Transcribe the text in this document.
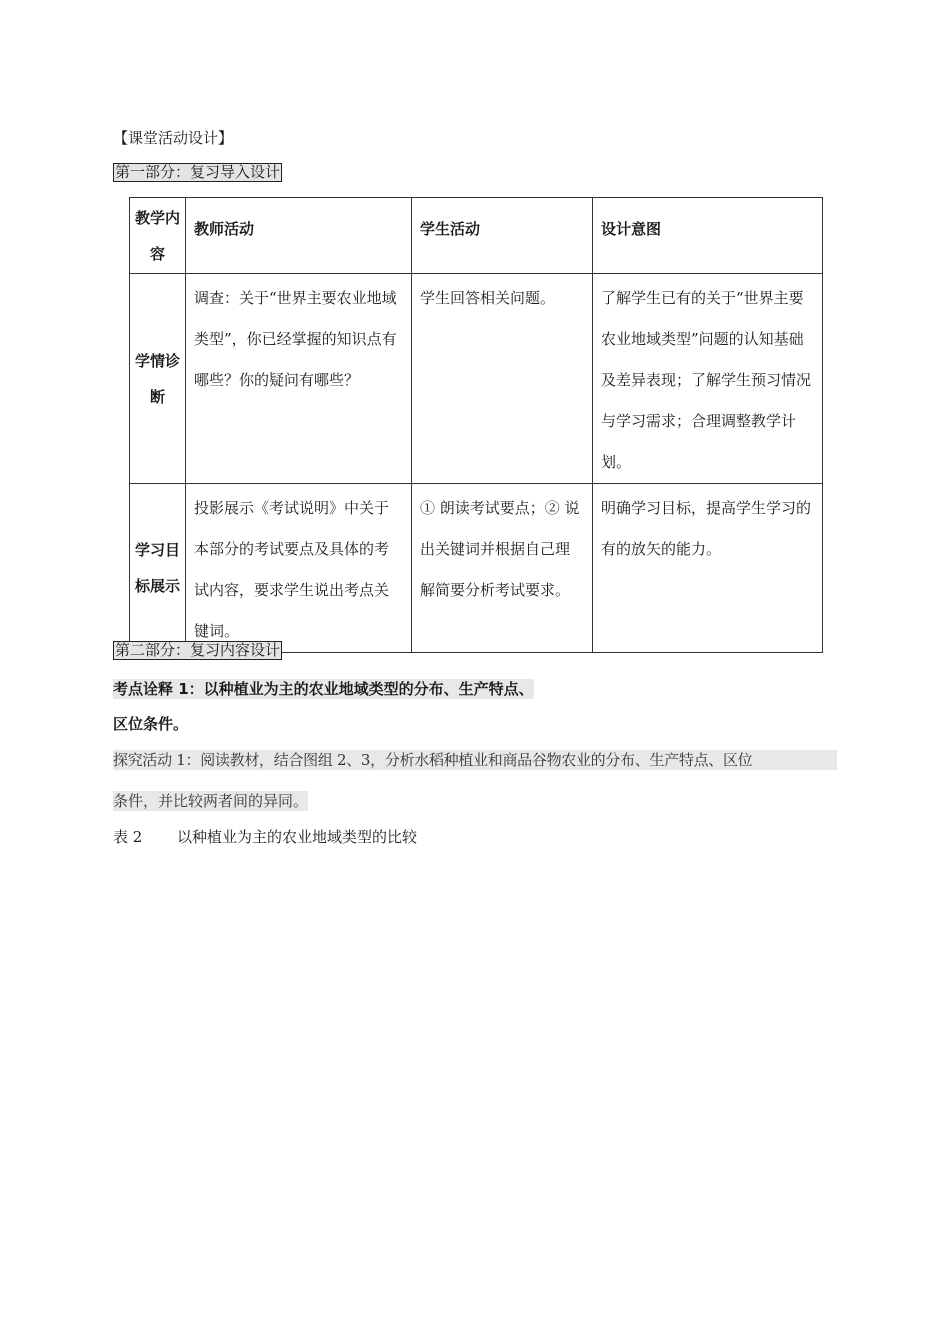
【课堂活动设计】
第一部分：复习导入设计
教学内容	教师活动	学生活动	设计意图

学情诊断	调查：关于“世界主要农业地域类型”，你已经掌握的知识点有哪些？你的疑问有哪些？	学生回答相关问题。	了解学生已有的关于“世界主要农业地域类型”问题的认知基础及差异表现；了解学生预习情况与学习需求；合理调整教学计划。

学习目标展示	投影展示《考试说明》中关于本部分的考试要点及具体的考试内容，要求学生说出考点关键词。	① 朗读考试要点；② 说出关键词并根据自己理解简要分析考试要求。	明确学习目标，提高学生学习的有的放矢的能力。
第二部分：复习内容设计
考点诠释 1：以种植业为主的农业地域类型的分布、生产特点、
区位条件。
探究活动 1：阅读教材，结合图组 2、3，分析水稻种植业和商品谷物农业的分布、生产特点、区位
条件，并比较两者间的异同。
表 2 以种植业为主的农业地域类型的比较
